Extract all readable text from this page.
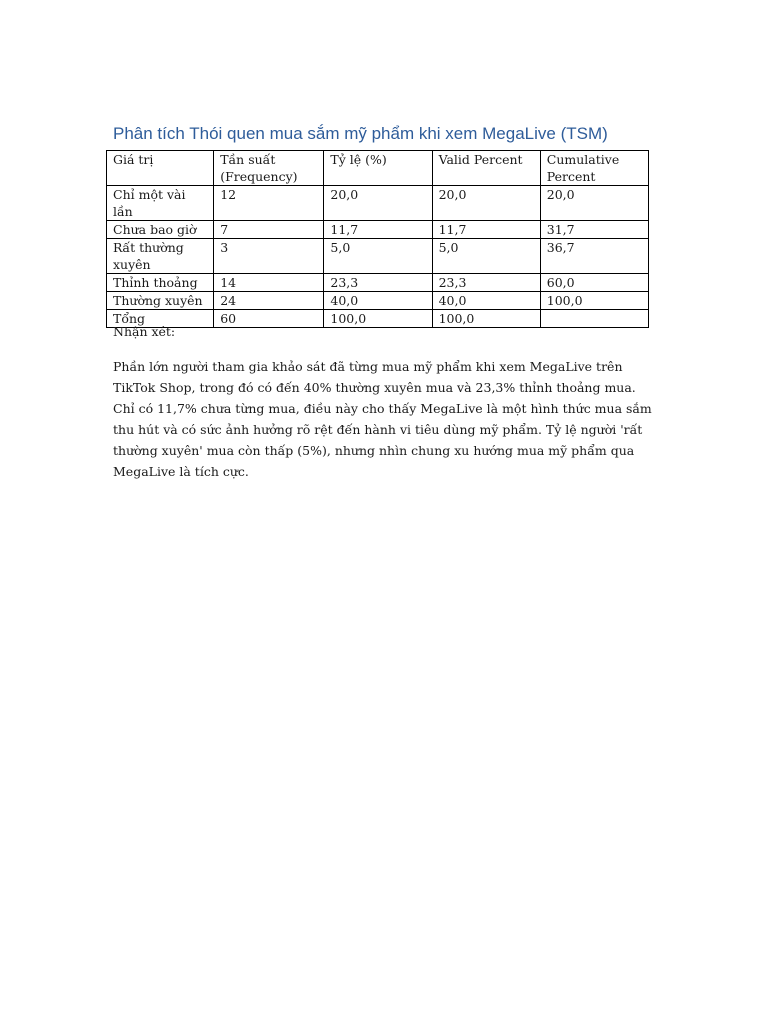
Phân tích Thói quen mua sắm mỹ phẩm khi xem MegaLive (TSM)
Giá trị	Tần suất (Frequency)	Tỷ lệ (%)	Valid Percent	Cumulative Percent
Chỉ một vài lần	12	20,0	20,0	20,0
Chưa bao giờ	7	11,7	11,7	31,7
Rất thường xuyên	3	5,0	5,0	36,7
Thỉnh thoảng	14	23,3	23,3	60,0
Thường xuyên	24	40,0	40,0	100,0
Tổng	60	100,0	100,0	

Nhận xét:

Phần lớn người tham gia khảo sát đã từng mua mỹ phẩm khi xem MegaLive trên TikTok Shop, trong đó có đến 40% thường xuyên mua và 23,3% thỉnh thoảng mua. Chỉ có 11,7% chưa từng mua, điều này cho thấy MegaLive là một hình thức mua sắm thu hút và có sức ảnh hưởng rõ rệt đến hành vi tiêu dùng mỹ phẩm. Tỷ lệ người 'rất thường xuyên' mua còn thấp (5%), nhưng nhìn chung xu hướng mua mỹ phẩm qua MegaLive là tích cực.
